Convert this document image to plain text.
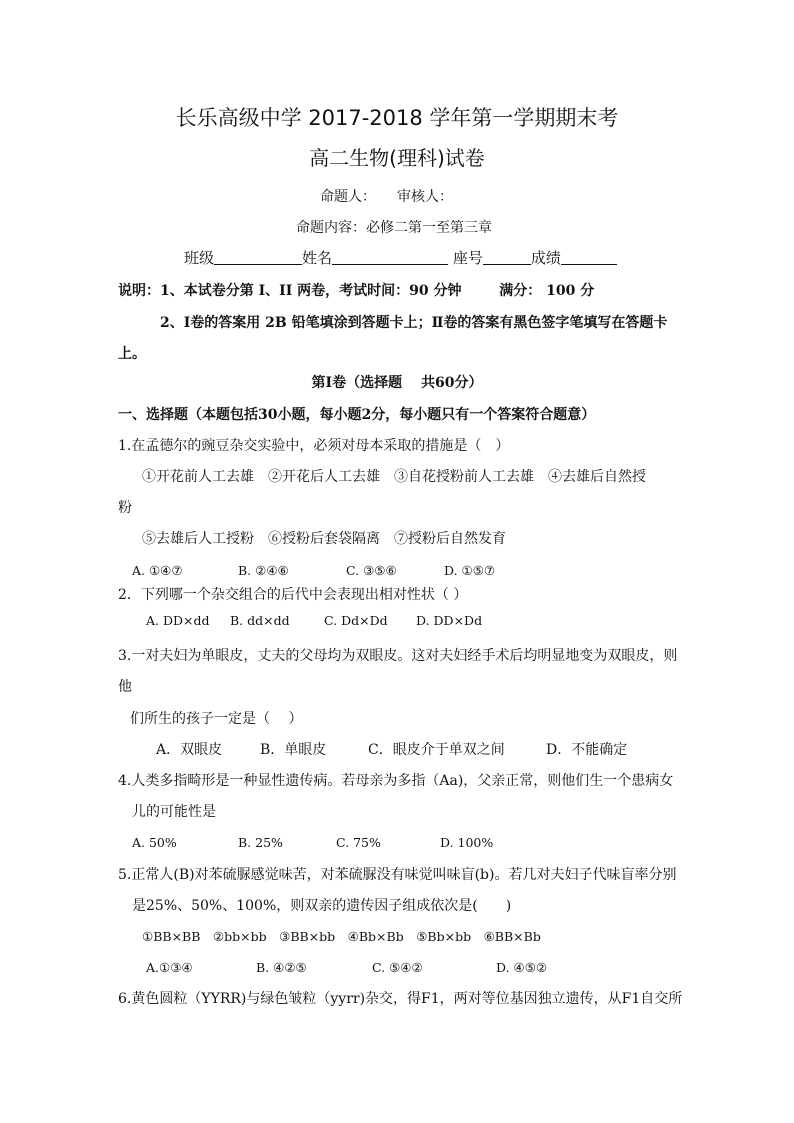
长乐高级中学 2017-2018 学年第一学期期末考
高二生物(理科)试卷
命题人：　　审核人：
命题内容：必修二第一至第三章
班级	姓名	座号	成绩
说明：1、本试卷分第 I、II 两卷，考试时间：90 分钟	满分： 100 分
2、Ⅰ卷的答案用 2B 铅笔填涂到答题卡上；Ⅱ卷的答案有黑色签字笔填写在答题卡
上。
第Ⅰ卷（选择题　 共60分）
一、选择题（本题包括30小题，每小题2分，每小题只有一个答案符合题意）
1.在孟德尔的豌豆杂交实验中，必须对母本采取的措施是（　）
①开花前人工去雄　②开花后人工去雄　③自花授粉前人工去雄　④去雄后自然授
粉
⑤去雄后人工授粉　⑥授粉后套袋隔离　⑦授粉后自然发育
A. ①④⑦	B. ②④⑥	C. ③⑤⑥	D. ①⑤⑦
2．下列哪一个杂交组合的后代中会表现出相对性状（ ）
A. DD×dd B. dd×dd	C. Dd×Dd D. DD×Dd
3.一对夫妇为单眼皮，丈夫的父母均为双眼皮。这对夫妇经手术后均明显地变为双眼皮，则
他
们所生的孩子一定是（　 ）
A．双眼皮	B．单眼皮	C．眼皮介于单双之间	D．不能确定
4.人类多指畸形是一种显性遗传病。若母亲为多指（Aa)，父亲正常，则他们生一个患病女
儿的可能性是
A. 50%	B. 25%	C. 75%	D. 100%
5.正常人(B)对苯硫脲感觉味苦，对苯硫脲没有味觉叫味盲(b)。若几对夫妇子代味盲率分别
是25%、50%、100%，则双亲的遗传因子组成依次是(　　)
①BB×BB　②bb×bb　③BB×bb　④Bb×Bb　⑤Bb×bb　⑥BB×Bb
A.①③④	B. ④②⑤	C. ⑤④②	D. ④⑤②
6.黄色圆粒（YYRR)与绿色皱粒（yyrr)杂交，得F1，两对等位基因独立遗传，从F1自交所
